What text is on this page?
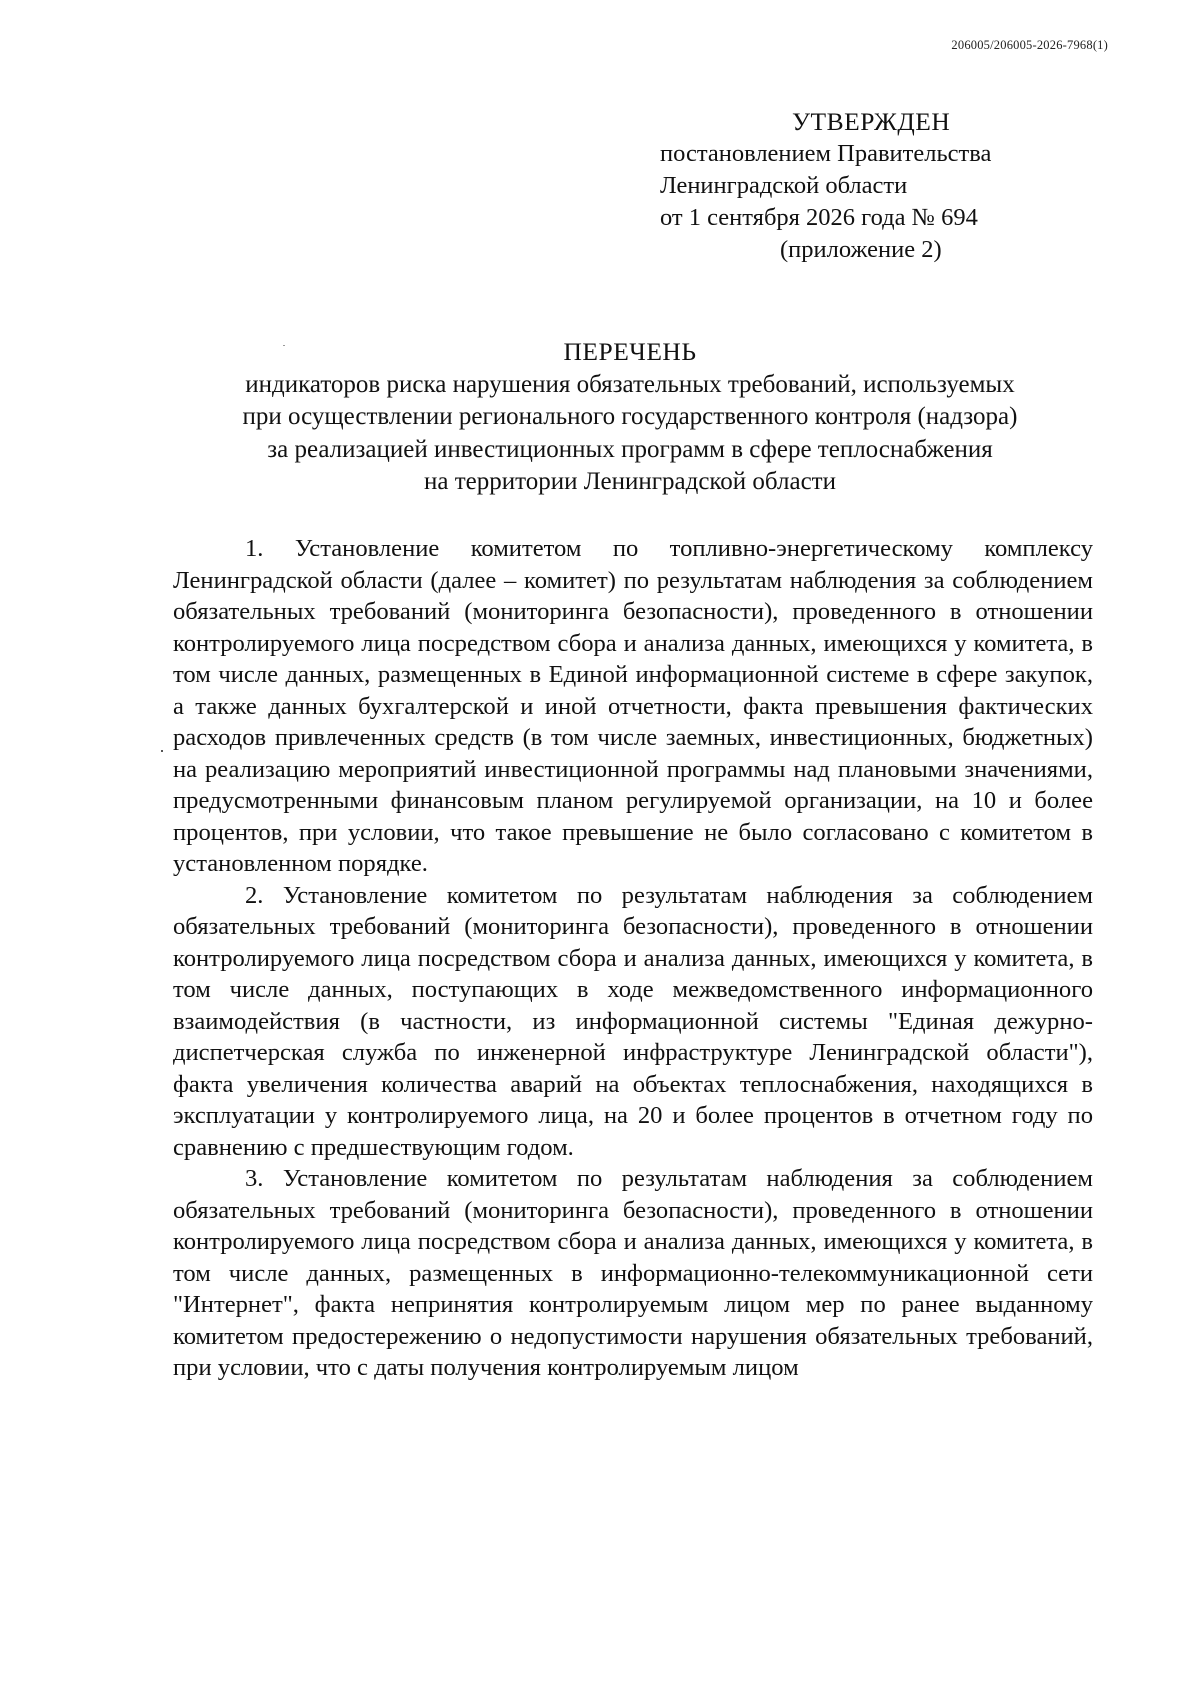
206005/206005-2026-7968(1)
УТВЕРЖДЕН
постановлением Правительства
Ленинградской области
от 1 сентября 2026 года № 694
(приложение 2)
ПЕРЕЧЕНЬ
индикаторов риска нарушения обязательных требований, используемых
при осуществлении регионального государственного контроля (надзора)
за реализацией инвестиционных программ в сфере теплоснабжения
на территории Ленинградской области

1. Установление комитетом по топливно-энергетическому комплексу Ленинградской области (далее – комитет) по результатам наблюдения за соблюдением обязательных требований (мониторинга безопасности), проведенного в отношении контролируемого лица посредством сбора и анализа данных, имеющихся у комитета, в том числе данных, размещенных в Единой информационной системе в сфере закупок, а также данных бухгалтерской и иной отчетности, факта превышения фактических расходов привлеченных средств (в том числе заемных, инвестиционных, бюджетных) на реализацию мероприятий инвестиционной программы над плановыми значениями, предусмотренными финансовым планом регулируемой организации, на 10 и более процентов, при условии, что такое превышение не было согласовано с комитетом в установленном порядке.

2. Установление комитетом по результатам наблюдения за соблюдением обязательных требований (мониторинга безопасности), проведенного в отношении контролируемого лица посредством сбора и анализа данных, имеющихся у комитета, в том числе данных, поступающих в ходе межведомственного информационного взаимодействия (в частности, из информационной системы "Единая дежурно-диспетчерская служба по инженерной инфраструктуре Ленинградской области"), факта увеличения количества аварий на объектах теплоснабжения, находящихся в эксплуатации у контролируемого лица, на 20 и более процентов в отчетном году по сравнению с предшествующим годом.

3. Установление комитетом по результатам наблюдения за соблюдением обязательных требований (мониторинга безопасности), проведенного в отношении контролируемого лица посредством сбора и анализа данных, имеющихся у комитета, в том числе данных, размещенных в информационно-телекоммуникационной сети "Интернет", факта непринятия контролируемым лицом мер по ранее выданному комитетом предостережению о недопустимости нарушения обязательных требований, при условии, что с даты получения контролируемым лицом
